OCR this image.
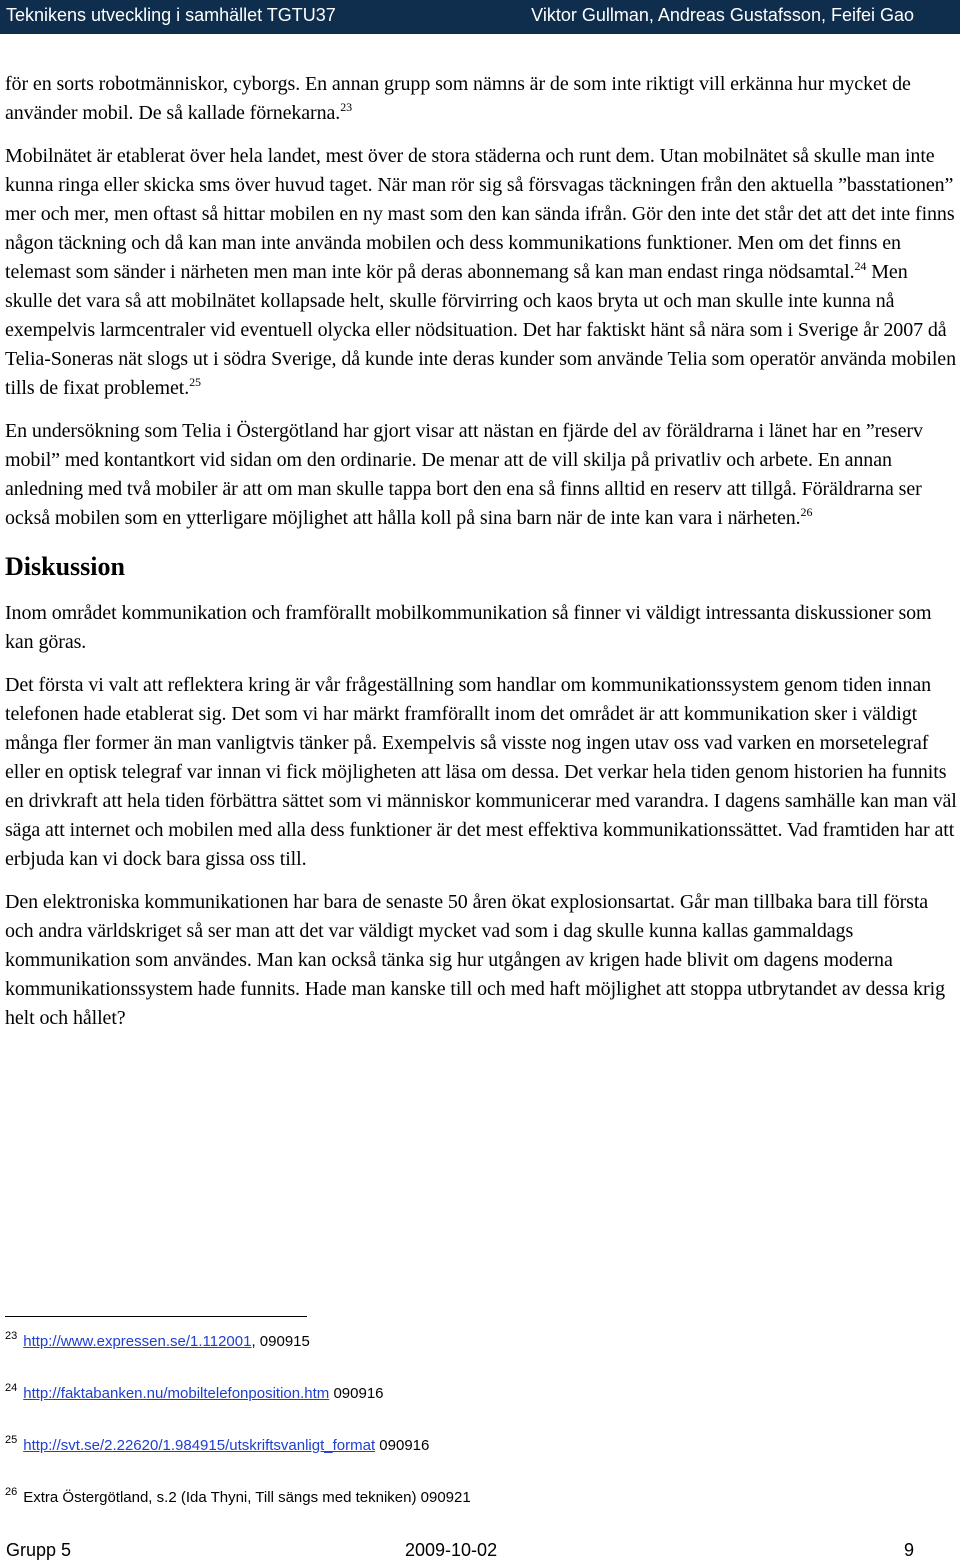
Teknikens utveckling i samhället TGTU37	Viktor Gullman, Andreas Gustafsson, Feifei Gao

för en sorts robotmänniskor, cyborgs. En annan grupp som nämns är de som inte riktigt vill erkänna hur mycket de använder mobil. De så kallade förnekarna.$^{23}$

Mobilnätet är etablerat över hela landet, mest över de stora städerna och runt dem. Utan mobilnätet så skulle man inte kunna ringa eller skicka sms över huvud taget. När man rör sig så försvagas täckningen från den aktuella ”basstationen” mer och mer, men oftast så hittar mobilen en ny mast som den kan sända ifrån. Gör den inte det står det att det inte finns någon täckning och då kan man inte använda mobilen och dess kommunikations funktioner. Men om det finns en telemast som sänder i närheten men man inte kör på deras abonnemang så kan man endast ringa nödsamtal.$^{24}$ Men skulle det vara så att mobilnätet kollapsade helt, skulle förvirring och kaos bryta ut och man skulle inte kunna nå exempelvis larmcentraler vid eventuell olycka eller nödsituation. Det har faktiskt hänt så nära som i Sverige år 2007 då Telia-Soneras nät slogs ut i södra Sverige, då kunde inte deras kunder som använde Telia som operatör använda mobilen tills de fixat problemet.$^{25}$

En undersökning som Telia i Östergötland har gjort visar att nästan en fjärde del av föräldrarna i länet har en ”reserv mobil” med kontantkort vid sidan om den ordinarie. De menar att de vill skilja på privatliv och arbete. En annan anledning med två mobiler är att om man skulle tappa bort den ena så finns alltid en reserv att tillgå. Föräldrarna ser också mobilen som en ytterligare möjlighet att hålla koll på sina barn när de inte kan vara i närheten.$^{26}$

Diskussion

Inom området kommunikation och framförallt mobilkommunikation så finner vi väldigt intressanta diskussioner som kan göras.

Det första vi valt att reflektera kring är vår frågeställning som handlar om kommunikationssystem genom tiden innan telefonen hade etablerat sig. Det som vi har märkt framförallt inom det området är att kommunikation sker i väldigt många fler former än man vanligtvis tänker på. Exempelvis så visste nog ingen utav oss vad varken en morsetelegraf eller en optisk telegraf var innan vi fick möjligheten att läsa om dessa. Det verkar hela tiden genom historien ha funnits en drivkraft att hela tiden förbättra sättet som vi människor kommunicerar med varandra. I dagens samhälle kan man väl säga att internet och mobilen med alla dess funktioner är det mest effektiva kommunikationssättet. Vad framtiden har att erbjuda kan vi dock bara gissa oss till.

Den elektroniska kommunikationen har bara de senaste 50 åren ökat explosionsartat. Går man tillbaka bara till första och andra världskriget så ser man att det var väldigt mycket vad som i dag skulle kunna kallas gammaldags kommunikation som användes. Man kan också tänka sig hur utgången av krigen hade blivit om dagens moderna kommunikationssystem hade funnits. Hade man kanske till och med haft möjlighet att stoppa utbrytandet av dessa krig helt och hållet?

$^{23}$ http://www.expressen.se/1.112001, 090915
$^{24}$ http://faktabanken.nu/mobiltelefonposition.htm 090916
$^{25}$ http://svt.se/2.22620/1.984915/utskriftsvanligt_format 090916
$^{26}$ Extra Östergötland, s.2 (Ida Thyni, Till sängs med tekniken) 090921
Grupp 5	2009-10-02	9
